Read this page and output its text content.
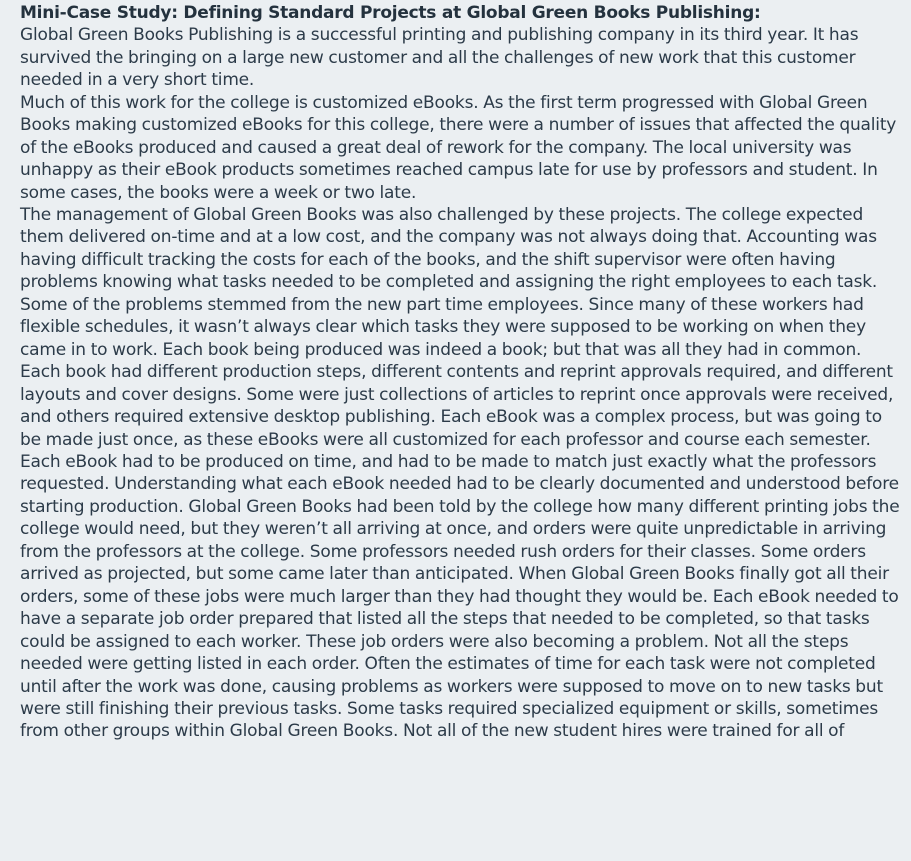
Mini-Case Study: Defining Standard Projects at Global Green Books Publishing:

Global Green Books Publishing is a successful printing and publishing company in its third year. It has survived the bringing on a large new customer and all the challenges of new work that this customer needed in a very short time.

Much of this work for the college is customized eBooks. As the first term progressed with Global Green Books making customized eBooks for this college, there were a number of issues that affected the quality of the eBooks produced and caused a great deal of rework for the company. The local university was unhappy as their eBook products sometimes reached campus late for use by professors and student. In some cases, the books were a week or two late.

The management of Global Green Books was also challenged by these projects. The college expected them delivered on-time and at a low cost, and the company was not always doing that. Accounting was having difficult tracking the costs for each of the books, and the shift supervisor were often having problems knowing what tasks needed to be completed and assigning the right employees to each task.

Some of the problems stemmed from the new part time employees. Since many of these workers had flexible schedules, it wasn’t always clear which tasks they were supposed to be working on when they came in to work. Each book being produced was indeed a book; but that was all they had in common. Each book had different production steps, different contents and reprint approvals required, and different layouts and cover designs. Some were just collections of articles to reprint once approvals were received, and others required extensive desktop publishing. Each eBook was a complex process, but was going to be made just once, as these eBooks were all customized for each professor and course each semester. Each eBook had to be produced on time, and had to be made to match just exactly what the professors requested. Understanding what each eBook needed had to be clearly documented and understood before starting production. Global Green Books had been told by the college how many different printing jobs the college would need, but they weren’t all arriving at once, and orders were quite unpredictable in arriving from the professors at the college. Some professors needed rush orders for their classes. Some orders arrived as projected, but some came later than anticipated. When Global Green Books finally got all their orders, some of these jobs were much larger than they had thought they would be. Each eBook needed to have a separate job order prepared that listed all the steps that needed to be completed, so that tasks could be assigned to each worker. These job orders were also becoming a problem. Not all the steps needed were getting listed in each order. Often the estimates of time for each task were not completed until after the work was done, causing problems as workers were supposed to move on to new tasks but were still finishing their previous tasks. Some tasks required specialized equipment or skills, sometimes from other groups within Global Green Books. Not all of the new student hires were trained for all of
